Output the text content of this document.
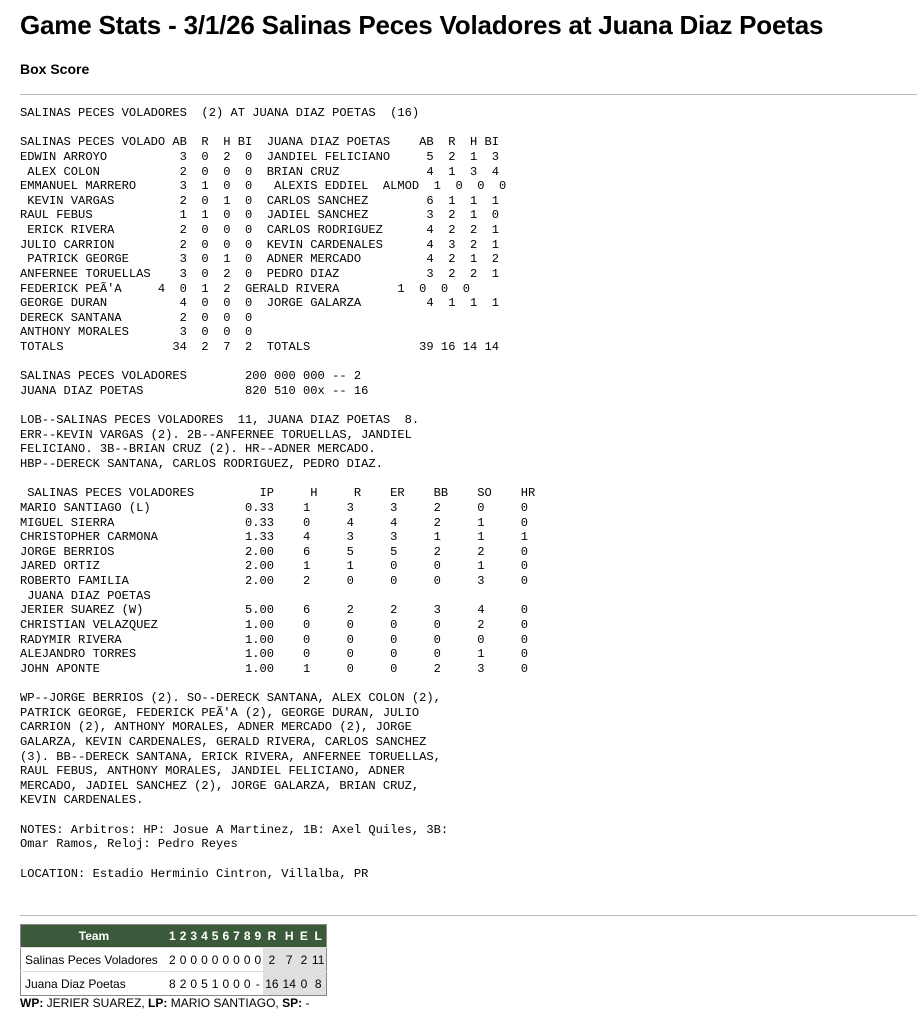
Game Stats - 3/1/26 Salinas Peces Voladores at Juana Diaz Poetas
Box Score
SALINAS PECES VOLADORES  (2) AT JUANA DIAZ POETAS  (16)
SALINAS PECES VOLADO AB  R  H BI  JUANA DIAZ POETAS    AB  R  H BI
EDWIN ARROYO          3  0  2  0  JANDIEL FELICIANO     5  2  1  3
ALEX COLON           2  0  0  0  BRIAN CRUZ            4  1  3  4
EMMANUEL MARRERO      3  1  0  0   ALEXIS EDDIEL  ALMOD  1  0  0  0
KEVIN VARGAS         2  0  1  0  CARLOS SANCHEZ        6  1  1  1
RAUL FEBUS            1  1  0  0  JADIEL SANCHEZ        3  2  1  0
ERICK RIVERA         2  0  0  0  CARLOS RODRIGUEZ      4  2  2  1
JULIO CARRION         2  0  0  0  KEVIN CARDENALES      4  3  2  1
PATRICK GEORGE       3  0  1  0  ADNER MERCADO         4  2  1  2
ANFERNEE TORUELLAS    3  0  2  0  PEDRO DIAZ            3  2  2  1
FEDERICK PEÃ'A     4  0  1  2  GERALD RIVERA        1  0  0  0
GEORGE DURAN          4  0  0  0  JORGE GALARZA         4  1  1  1
DERECK SANTANA        2  0  0  0
ANTHONY MORALES       3  0  0  0
TOTALS               34  2  7  2  TOTALS               39 16 14 14
SALINAS PECES VOLADORES        200 000 000 -- 2
JUANA DIAZ POETAS              820 510 00x -- 16
LOB--SALINAS PECES VOLADORES  11, JUANA DIAZ POETAS  8.
ERR--KEVIN VARGAS (2). 2B--ANFERNEE TORUELLAS, JANDIEL
FELICIANO. 3B--BRIAN CRUZ (2). HR--ADNER MERCADO.
HBP--DERECK SANTANA, CARLOS RODRIGUEZ, PEDRO DIAZ.
SALINAS PECES VOLADORES         IP     H     R    ER    BB    SO    HR
MARIO SANTIAGO (L)             0.33    1     3     3     2     0     0
MIGUEL SIERRA                  0.33    0     4     4     2     1     0
CHRISTOPHER CARMONA            1.33    4     3     3     1     1     1
JORGE BERRIOS                  2.00    6     5     5     2     2     0
JARED ORTIZ                    2.00    1     1     0     0     1     0
ROBERTO FAMILIA                2.00    2     0     0     0     3     0
JUANA DIAZ POETAS
JERIER SUAREZ (W)              5.00    6     2     2     3     4     0
CHRISTIAN VELAZQUEZ            1.00    0     0     0     0     2     0
RADYMIR RIVERA                 1.00    0     0     0     0     0     0
ALEJANDRO TORRES               1.00    0     0     0     0     1     0
JOHN APONTE                    1.00    1     0     0     2     3     0
WP--JORGE BERRIOS (2). SO--DERECK SANTANA, ALEX COLON (2),
PATRICK GEORGE, FEDERICK PEÃ'A (2), GEORGE DURAN, JULIO
CARRION (2), ANTHONY MORALES, ADNER MERCADO (2), JORGE
GALARZA, KEVIN CARDENALES, GERALD RIVERA, CARLOS SANCHEZ
(3). BB--DERECK SANTANA, ERICK RIVERA, ANFERNEE TORUELLAS,
RAUL FEBUS, ANTHONY MORALES, JANDIEL FELICIANO, ADNER
MERCADO, JADIEL SANCHEZ (2), JORGE GALARZA, BRIAN CRUZ,
KEVIN CARDENALES.
NOTES: Arbitros: HP: Josue A Martinez, 1B: Axel Quiles, 3B:
Omar Ramos, Reloj: Pedro Reyes
LOCATION: Estadio Herminio Cintron, Villalba, PR
Team	1	2	3	4	5	6	7	8	9	R	H	E	L
Salinas Peces Voladores	2	0	0	0	0	0	0	0	0	2	7	2	11
Juana Diaz Poetas	8	2	0	5	1	0	0	0	-	16	14	0	8
WP: JERIER SUAREZ, LP: MARIO SANTIAGO, SP: -
